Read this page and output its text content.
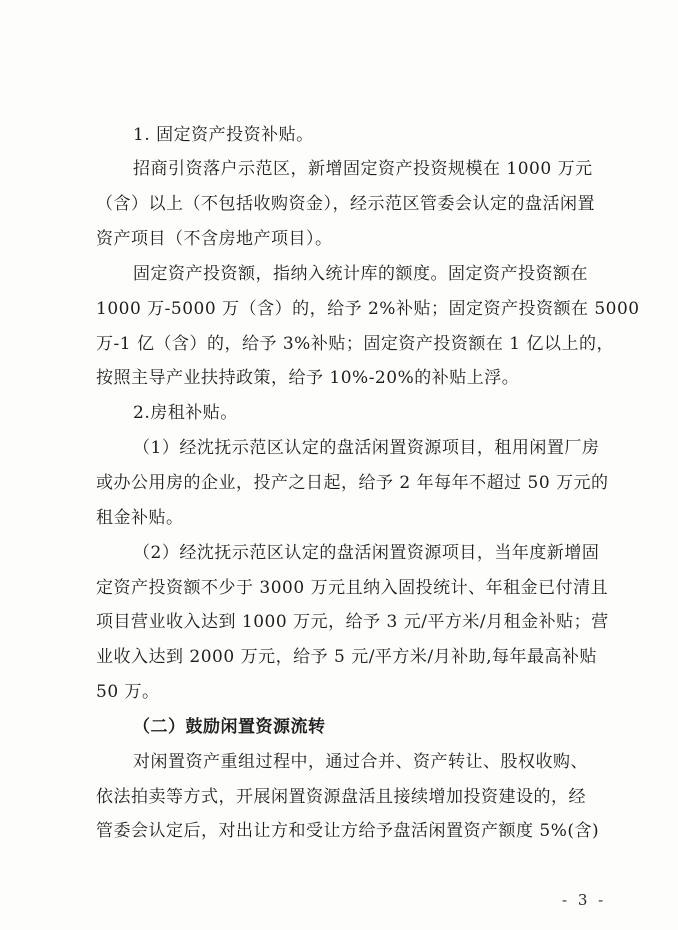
1. 固定资产投资补贴。
招商引资落户示范区，新增固定资产投资规模在 1000 万元
（含）以上（不包括收购资金），经示范区管委会认定的盘活闲置
资产项目（不含房地产项目）。
固定资产投资额，指纳入统计库的额度。固定资产投资额在
1000 万-5000 万（含）的，给予 2%补贴；固定资产投资额在 5000
万-1 亿（含）的，给予 3%补贴；固定资产投资额在 1 亿以上的，
按照主导产业扶持政策，给予 10%-20%的补贴上浮。
2.房租补贴。
（1）经沈抚示范区认定的盘活闲置资源项目，租用闲置厂房
或办公用房的企业，投产之日起，给予 2 年每年不超过 50 万元的
租金补贴。
（2）经沈抚示范区认定的盘活闲置资源项目，当年度新增固
定资产投资额不少于 3000 万元且纳入固投统计、年租金已付清且
项目营业收入达到 1000 万元，给予 3 元/平方米/月租金补贴；营
业收入达到 2000 万元，给予 5 元/平方米/月补助,每年最高补贴
50 万。
（二）鼓励闲置资源流转
对闲置资产重组过程中，通过合并、资产转让、股权收购、
依法拍卖等方式，开展闲置资源盘活且接续增加投资建设的，经
管委会认定后，对出让方和受让方给予盘活闲置资产额度 5%(含)
- 3 -
